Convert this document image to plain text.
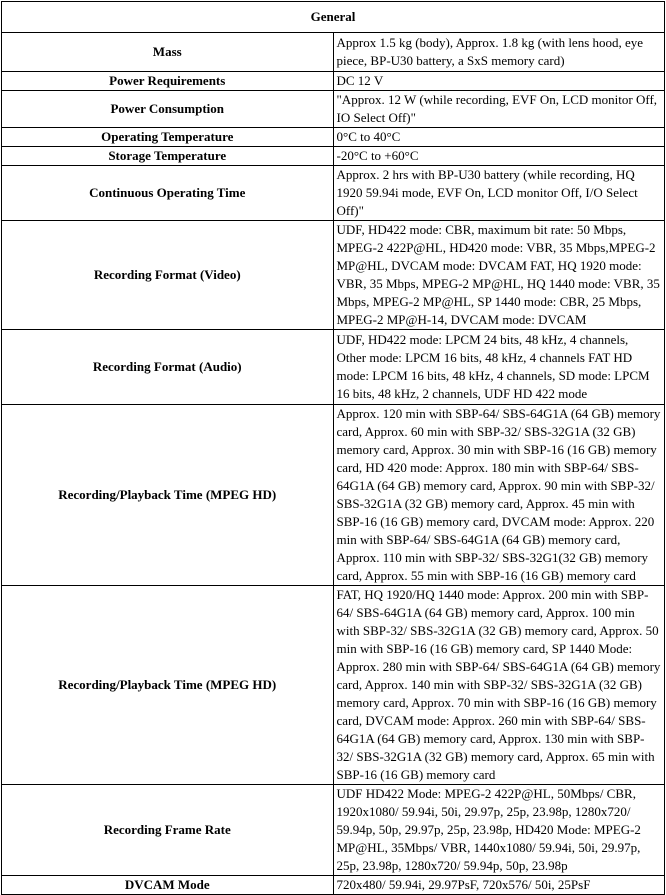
General	
Mass	Approx 1.5 kg (body), Approx. 1.8 kg (with lens hood, eye piece, BP-U30 battery, a SxS memory card)
Power Requirements	DC 12 V
Power Consumption	"Approx. 12 W (while recording, EVF On, LCD monitor Off, IO Select Off)"
Operating Temperature	0°C to 40°C
Storage Temperature	-20°C to +60°C
Continuous Operating Time	Approx. 2 hrs with BP-U30 battery (while recording, HQ 1920 59.94i mode, EVF On, LCD monitor Off, I/O Select Off)"
Recording Format (Video)	UDF, HD422 mode: CBR, maximum bit rate: 50 Mbps, MPEG-2 422P@HL, HD420 mode: VBR, 35 Mbps,MPEG-2 MP@HL, DVCAM mode: DVCAM FAT, HQ 1920 mode: VBR, 35 Mbps, MPEG-2 MP@HL, HQ 1440 mode: VBR, 35 Mbps, MPEG-2 MP@HL, SP 1440 mode: CBR, 25 Mbps, MPEG-2 MP@H-14, DVCAM mode: DVCAM
Recording Format (Audio)	UDF, HD422 mode: LPCM 24 bits, 48 kHz, 4 channels, Other mode: LPCM 16 bits, 48 kHz, 4 channels FAT HD mode: LPCM 16 bits, 48 kHz, 4 channels, SD mode: LPCM 16 bits, 48 kHz, 2 channels, UDF HD 422 mode
Recording/Playback Time (MPEG HD)	Approx. 120 min with SBP-64/ SBS-64G1A (64 GB) memory card, Approx. 60 min with SBP-32/ SBS-32G1A (32 GB) memory card, Approx. 30 min with SBP-16 (16 GB) memory card, HD 420 mode: Approx. 180 min with SBP-64/ SBS-64G1A (64 GB) memory card, Approx. 90 min with SBP-32/ SBS-32G1A (32 GB) memory card, Approx. 45 min with SBP-16 (16 GB) memory card, DVCAM mode: Approx. 220 min with SBP-64/ SBS-64G1A (64 GB) memory card, Approx. 110 min with SBP-32/ SBS-32G1(32 GB) memory card, Approx. 55 min with SBP-16 (16 GB) memory card
Recording/Playback Time (MPEG HD)	FAT, HQ 1920/HQ 1440 mode: Approx. 200 min with SBP-64/ SBS-64G1A (64 GB) memory card, Approx. 100 min with SBP-32/ SBS-32G1A (32 GB) memory card, Approx. 50 min with SBP-16 (16 GB) memory card, SP 1440 Mode: Approx. 280 min with SBP-64/ SBS-64G1A (64 GB) memory card, Approx. 140 min with SBP-32/ SBS-32G1A (32 GB) memory card, Approx. 70 min with SBP-16 (16 GB) memory card, DVCAM mode: Approx. 260 min with SBP-64/ SBS-64G1A (64 GB) memory card, Approx. 130 min with SBP-32/ SBS-32G1A (32 GB) memory card, Approx. 65 min with SBP-16 (16 GB) memory card
Recording Frame Rate	UDF HD422 Mode: MPEG-2 422P@HL, 50Mbps/ CBR, 1920x1080/ 59.94i, 50i, 29.97p, 25p, 23.98p, 1280x720/ 59.94p, 50p, 29.97p, 25p, 23.98p, HD420 Mode: MPEG-2 MP@HL, 35Mbps/ VBR, 1440x1080/ 59.94i, 50i, 29.97p, 25p, 23.98p, 1280x720/ 59.94p, 50p, 23.98p
DVCAM Mode	720x480/ 59.94i, 29.97PsF, 720x576/ 50i, 25PsF
